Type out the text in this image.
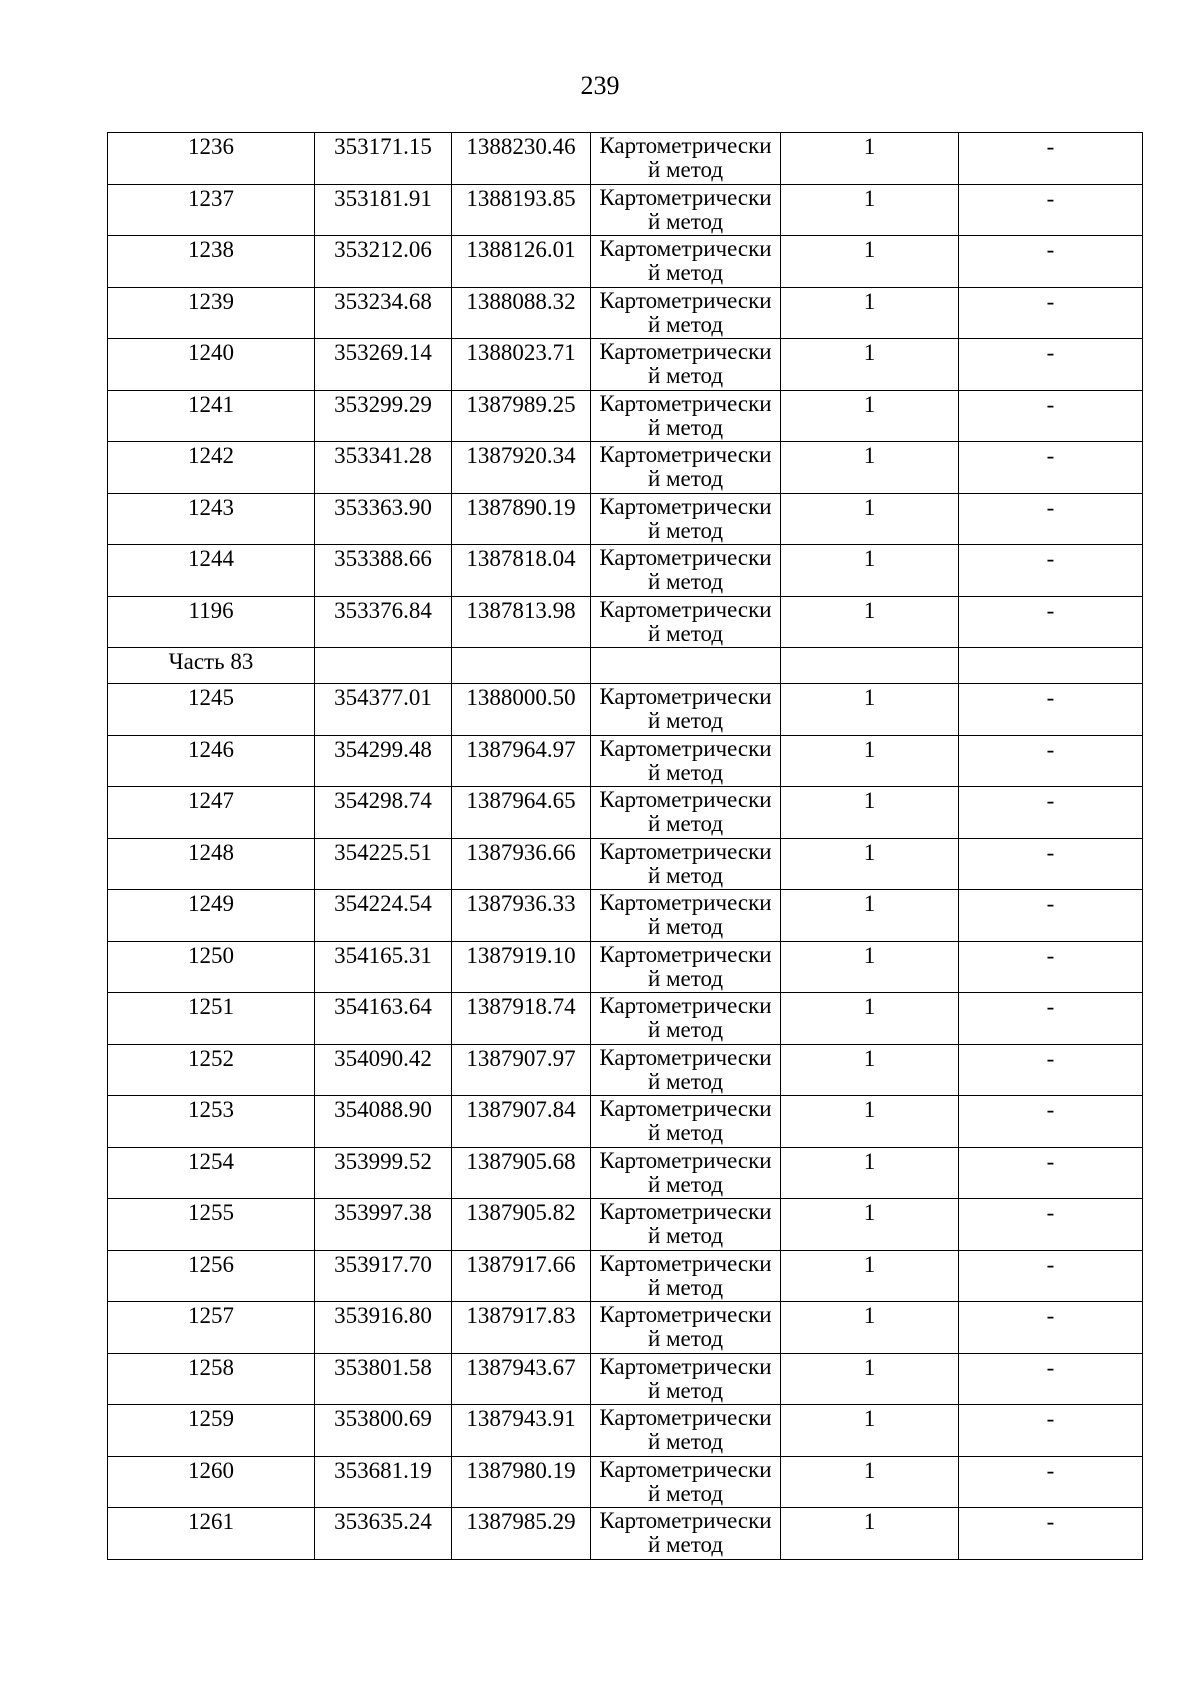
239
1236	353171.15	1388230.46	Картометрически й метод	1	-
1237	353181.91	1388193.85	Картометрически й метод	1	-
1238	353212.06	1388126.01	Картометрически й метод	1	-
1239	353234.68	1388088.32	Картометрически й метод	1	-
1240	353269.14	1388023.71	Картометрически й метод	1	-
1241	353299.29	1387989.25	Картометрически й метод	1	-
1242	353341.28	1387920.34	Картометрически й метод	1	-
1243	353363.90	1387890.19	Картометрически й метод	1	-
1244	353388.66	1387818.04	Картометрически й метод	1	-
1196	353376.84	1387813.98	Картометрически й метод	1	-
Часть 83					
1245	354377.01	1388000.50	Картометрически й метод	1	-
1246	354299.48	1387964.97	Картометрически й метод	1	-
1247	354298.74	1387964.65	Картометрически й метод	1	-
1248	354225.51	1387936.66	Картометрически й метод	1	-
1249	354224.54	1387936.33	Картометрически й метод	1	-
1250	354165.31	1387919.10	Картометрически й метод	1	-
1251	354163.64	1387918.74	Картометрически й метод	1	-
1252	354090.42	1387907.97	Картометрически й метод	1	-
1253	354088.90	1387907.84	Картометрически й метод	1	-
1254	353999.52	1387905.68	Картометрически й метод	1	-
1255	353997.38	1387905.82	Картометрически й метод	1	-
1256	353917.70	1387917.66	Картометрически й метод	1	-
1257	353916.80	1387917.83	Картометрически й метод	1	-
1258	353801.58	1387943.67	Картометрически й метод	1	-
1259	353800.69	1387943.91	Картометрически й метод	1	-
1260	353681.19	1387980.19	Картометрически й метод	1	-
1261	353635.24	1387985.29	Картометрически й метод	1	-
